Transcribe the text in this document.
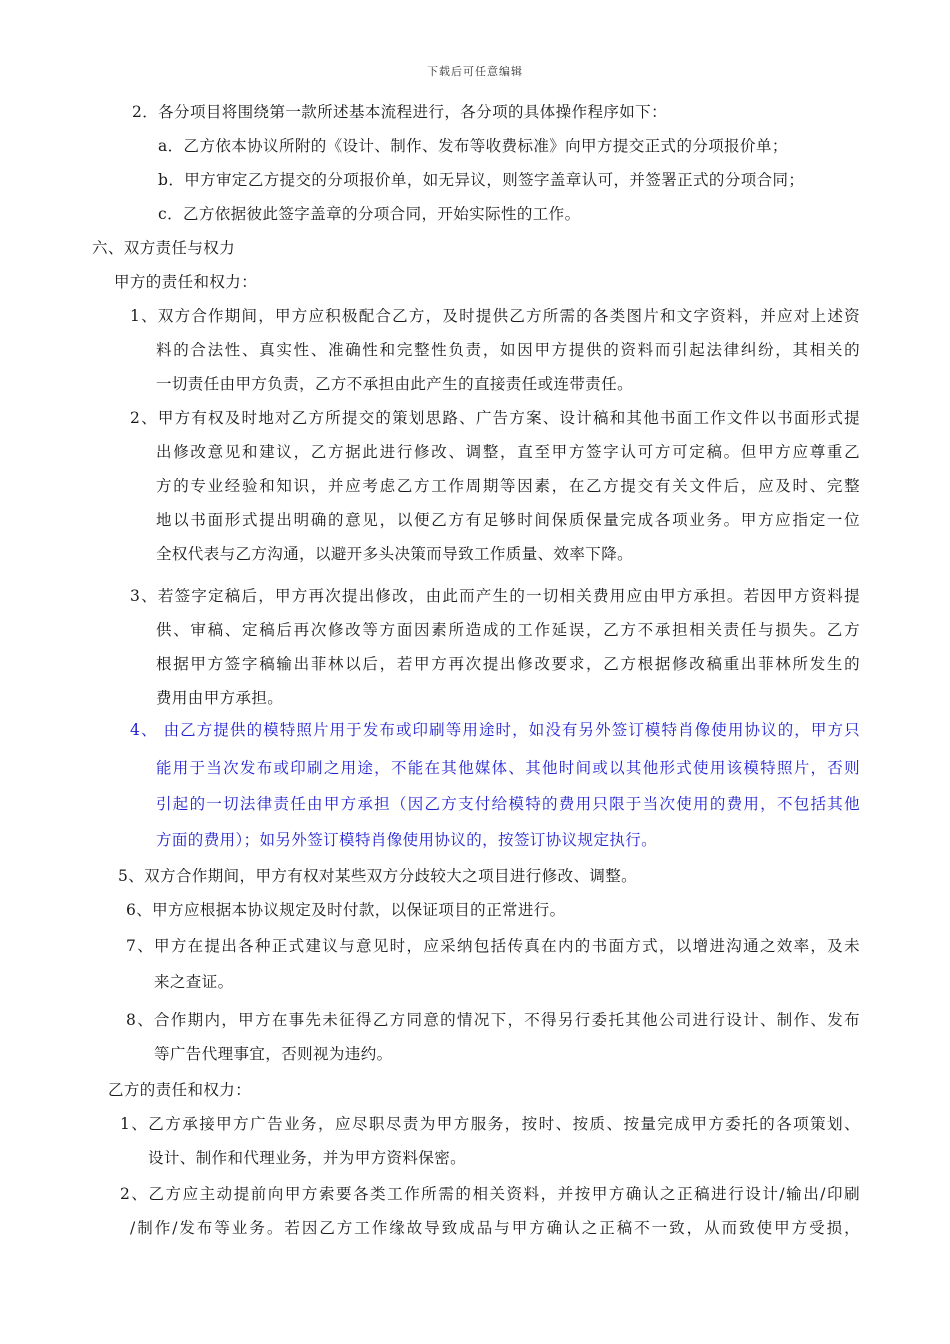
下载后可任意编辑
2．各分项目将围绕第一款所述基本流程进行，各分项的具体操作程序如下：
a．乙方依本协议所附的《设计、制作、发布等收费标准》向甲方提交正式的分项报价单；
b．甲方审定乙方提交的分项报价单，如无异议，则签字盖章认可，并签署正式的分项合同；
c．乙方依据彼此签字盖章的分项合同，开始实际性的工作。
六、双方责任与权力
甲方的责任和权力：
1、双方合作期间，甲方应积极配合乙方，及时提供乙方所需的各类图片和文字资料，并应对上述资
料的合法性、真实性、准确性和完整性负责，如因甲方提供的资料而引起法律纠纷，其相关的
一切责任由甲方负责，乙方不承担由此产生的直接责任或连带责任。
2、甲方有权及时地对乙方所提交的策划思路、广告方案、设计稿和其他书面工作文件以书面形式提
出修改意见和建议，乙方据此进行修改、调整，直至甲方签字认可方可定稿。但甲方应尊重乙
方的专业经验和知识，并应考虑乙方工作周期等因素，在乙方提交有关文件后，应及时、完整
地以书面形式提出明确的意见，以便乙方有足够时间保质保量完成各项业务。甲方应指定一位
全权代表与乙方沟通，以避开多头决策而导致工作质量、效率下降。
3、若签字定稿后，甲方再次提出修改，由此而产生的一切相关费用应由甲方承担。若因甲方资料提
供、审稿、定稿后再次修改等方面因素所造成的工作延误，乙方不承担相关责任与损失。乙方
根据甲方签字稿输出菲林以后，若甲方再次提出修改要求，乙方根据修改稿重出菲林所发生的
费用由甲方承担。
4、 由乙方提供的模特照片用于发布或印刷等用途时，如没有另外签订模特肖像使用协议的，甲方只
能用于当次发布或印刷之用途，不能在其他媒体、其他时间或以其他形式使用该模特照片，否则
引起的一切法律责任由甲方承担（因乙方支付给模特的费用只限于当次使用的费用，不包括其他
方面的费用）；如另外签订模特肖像使用协议的，按签订协议规定执行。
5、双方合作期间，甲方有权对某些双方分歧较大之项目进行修改、调整。
6、甲方应根据本协议规定及时付款，以保证项目的正常进行。
7、甲方在提出各种正式建议与意见时，应采纳包括传真在内的书面方式，以增进沟通之效率，及未
来之查证。
8、合作期内，甲方在事先未征得乙方同意的情况下，不得另行委托其他公司进行设计、制作、发布
等广告代理事宜，否则视为违约。
乙方的责任和权力：
1、乙方承接甲方广告业务，应尽职尽责为甲方服务，按时、按质、按量完成甲方委托的各项策划、
设计、制作和代理业务，并为甲方资料保密。
2、乙方应主动提前向甲方索要各类工作所需的相关资料，并按甲方确认之正稿进行设计/输出/印刷
/制作/发布等业务。若因乙方工作缘故导致成品与甲方确认之正稿不一致，从而致使甲方受损，
